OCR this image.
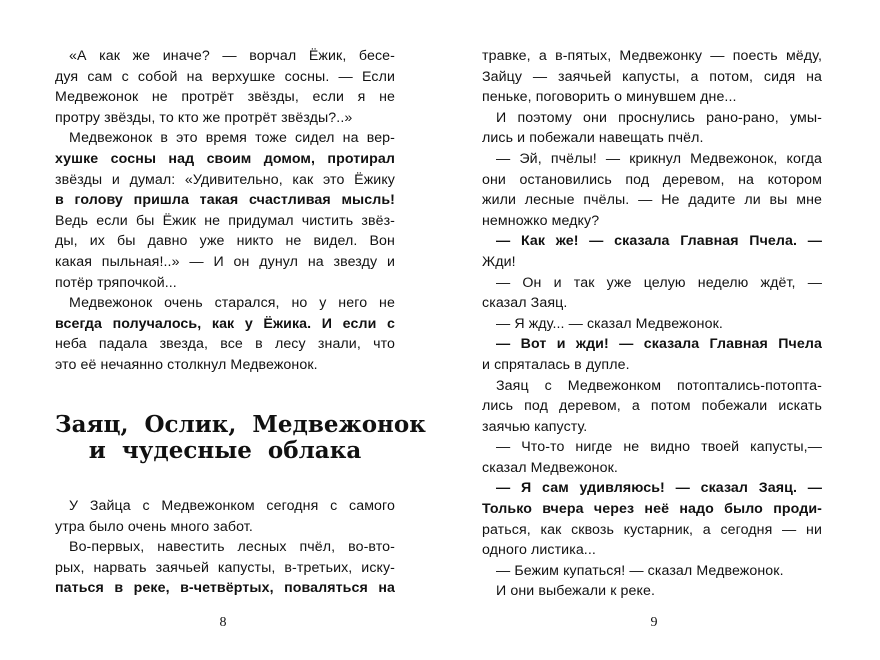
«А как же иначе? — ворчал Ёжик, бесе-

дуя сам с собой на верхушке сосны. — Если

Медвежонок не протрёт звёзды, если я не

протру звёзды, то кто же протрёт звёзды?..»

Медвежонок в это время тоже сидел на вер-

хушке сосны над своим домом, протирал

звёзды и думал: «Удивительно, как это Ёжику

в голову пришла такая счастливая мысль!

Ведь если бы Ёжик не придумал чистить звёз-

ды, их бы давно уже никто не видел. Вон

какая пыльная!..» — И он дунул на звезду и

потёр тряпочкой...

Медвежонок очень старался, но у него не

всегда получалось, как у Ёжика. И если с

неба падала звезда, все в лесу знали, что

это её нечаянно столкнул Медвежонок.

Заяц, Ослик, Медвежонок
и чудесные облака

У Зайца с Медвежонком сегодня с самого

утра было очень много забот.

Во-первых, навестить лесных пчёл, во-вто-

рых, нарвать заячьей капусты, в-третьих, иску-

паться в реке, в-четвёртых, поваляться на

8

травке, а в-пятых, Медвежонку — поесть мёду,

Зайцу — заячьей капусты, а потом, сидя на

пеньке, поговорить о минувшем дне...

И поэтому они проснулись рано-рано, умы-

лись и побежали навещать пчёл.

— Эй, пчёлы! — крикнул Медвежонок, когда

они остановились под деревом, на котором

жили лесные пчёлы. — Не дадите ли вы мне

немножко медку?

— Как же! — сказала Главная Пчела. —

Жди!

— Он и так уже целую неделю ждёт, —

сказал Заяц.

— Я жду... — сказал Медвежонок.

— Вот и жди! — сказала Главная Пчела

и спряталась в дупле.

Заяц с Медвежонком потоптались-потопта-

лись под деревом, а потом побежали искать

заячью капусту.

— Что-то нигде не видно твоей капусты,—

сказал Медвежонок.

— Я сам удивляюсь! — сказал Заяц. —

Только вчера через неё надо было проди-

раться, как сквозь кустарник, а сегодня — ни

одного листика...

— Бежим купаться! — сказал Медвежонок.

И они выбежали к реке.

9
